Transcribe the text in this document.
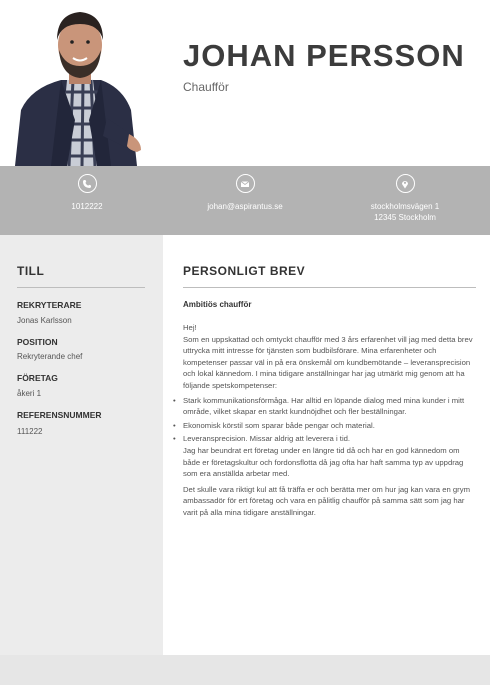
JOHAN PERSSON
Chaufför
1012222	johan@aspirantus.se	stockholmsvägen 1
12345 Stockholm
TILL
REKRYTERARE
Jonas Karlsson
POSITION
Rekryterande chef
FÖRETAG
åkeri 1
REFERENSNUMMER
111222
PERSONLIGT BREV
Ambitiös chaufför

Hej!

Som en uppskattad och omtyckt chaufför med 3 års erfarenhet vill jag med detta brev uttrycka mitt intresse för tjänsten som budbilsförare. Mina erfarenheter och kompetenser passar väl in på era önskemål om kundbemötande – leveransprecision och lokal kännedom. I mina tidigare anställningar har jag utmärkt mig genom att ha följande spetskompetenser:

• Stark kommunikationsförmåga. Har alltid en löpande dialog med mina kunder i mitt område, vilket skapar en starkt kundnöjdhet och fler beställningar.
• Ekonomisk körstil som sparar både pengar och material.
• Leveransprecision. Missar aldrig att leverera i tid.

Jag har beundrat ert företag under en längre tid då och har en god kännedom om både er företagskultur och fordonsflotta då jag ofta har haft samma typ av uppdrag som era anställda arbetar med.

Det skulle vara riktigt kul att få träffa er och berätta mer om hur jag kan vara en grym ambassadör för ert företag och vara en pålitlig chaufför på samma sätt som jag har varit på alla mina tidigare anställningar.
